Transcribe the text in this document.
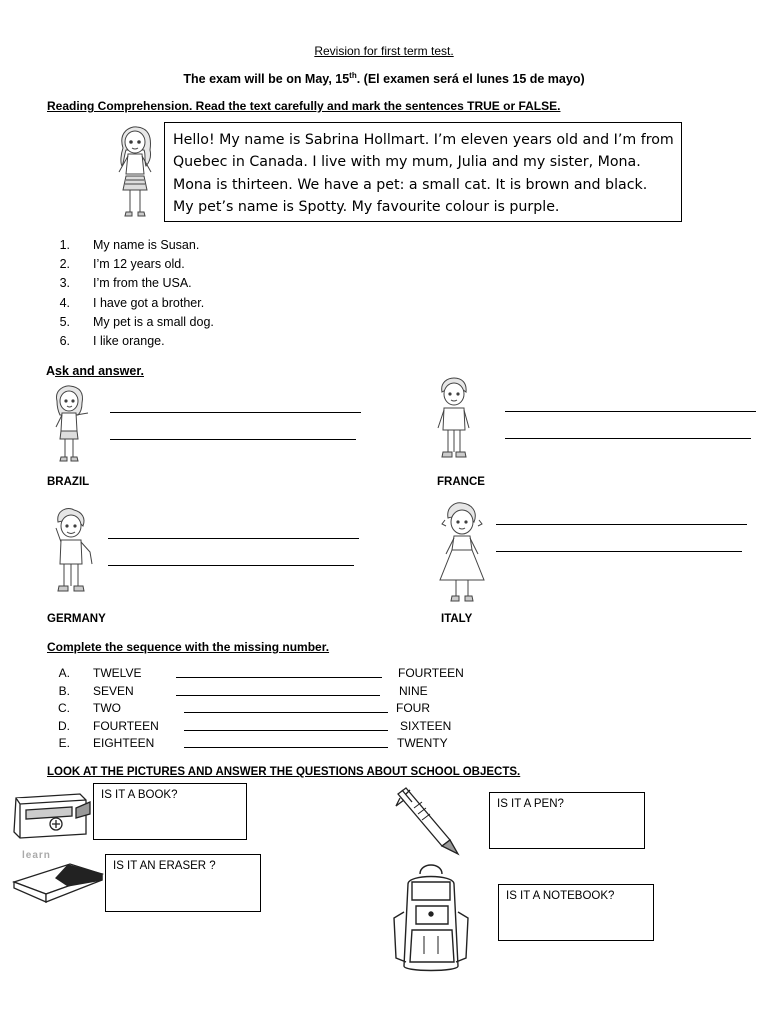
Revision for first term test.
The exam will be on May, 15th. (El examen será el lunes 15 de mayo)
Reading Comprehension. Read the text carefully and mark the sentences TRUE or FALSE.

Hello! My name is Sabrina Hollmart. I’m eleven years old and I’m from

Quebec in Canada. I live with my mum, Julia and my sister, Mona.

Mona is thirteen. We have a pet: a small cat. It is brown and black.

My pet’s name is Spotty. My favourite colour is purple.

1. My name is Susan.
2. I’m 12 years old.
3. I’m from the USA.
4. I have got a brother.
5. My pet is a small dog.
6. I like orange.
Ask and answer.
BRAZIL	FRANCE
GERMANY	ITALY
Complete the sequence with the missing number.
A. TWELVE	FOURTEEN
B. SEVEN	NINE
C. TWO	FOUR
D. FOURTEEN	SIXTEEN
E. EIGHTEEN	TWENTY
LOOK AT THE PICTURES AND ANSWER THE QUESTIONS ABOUT SCHOOL OBJECTS.
IS IT A BOOK?
IS IT A PEN?
learn
IS IT AN ERASER ?
IS IT A NOTEBOOK?
